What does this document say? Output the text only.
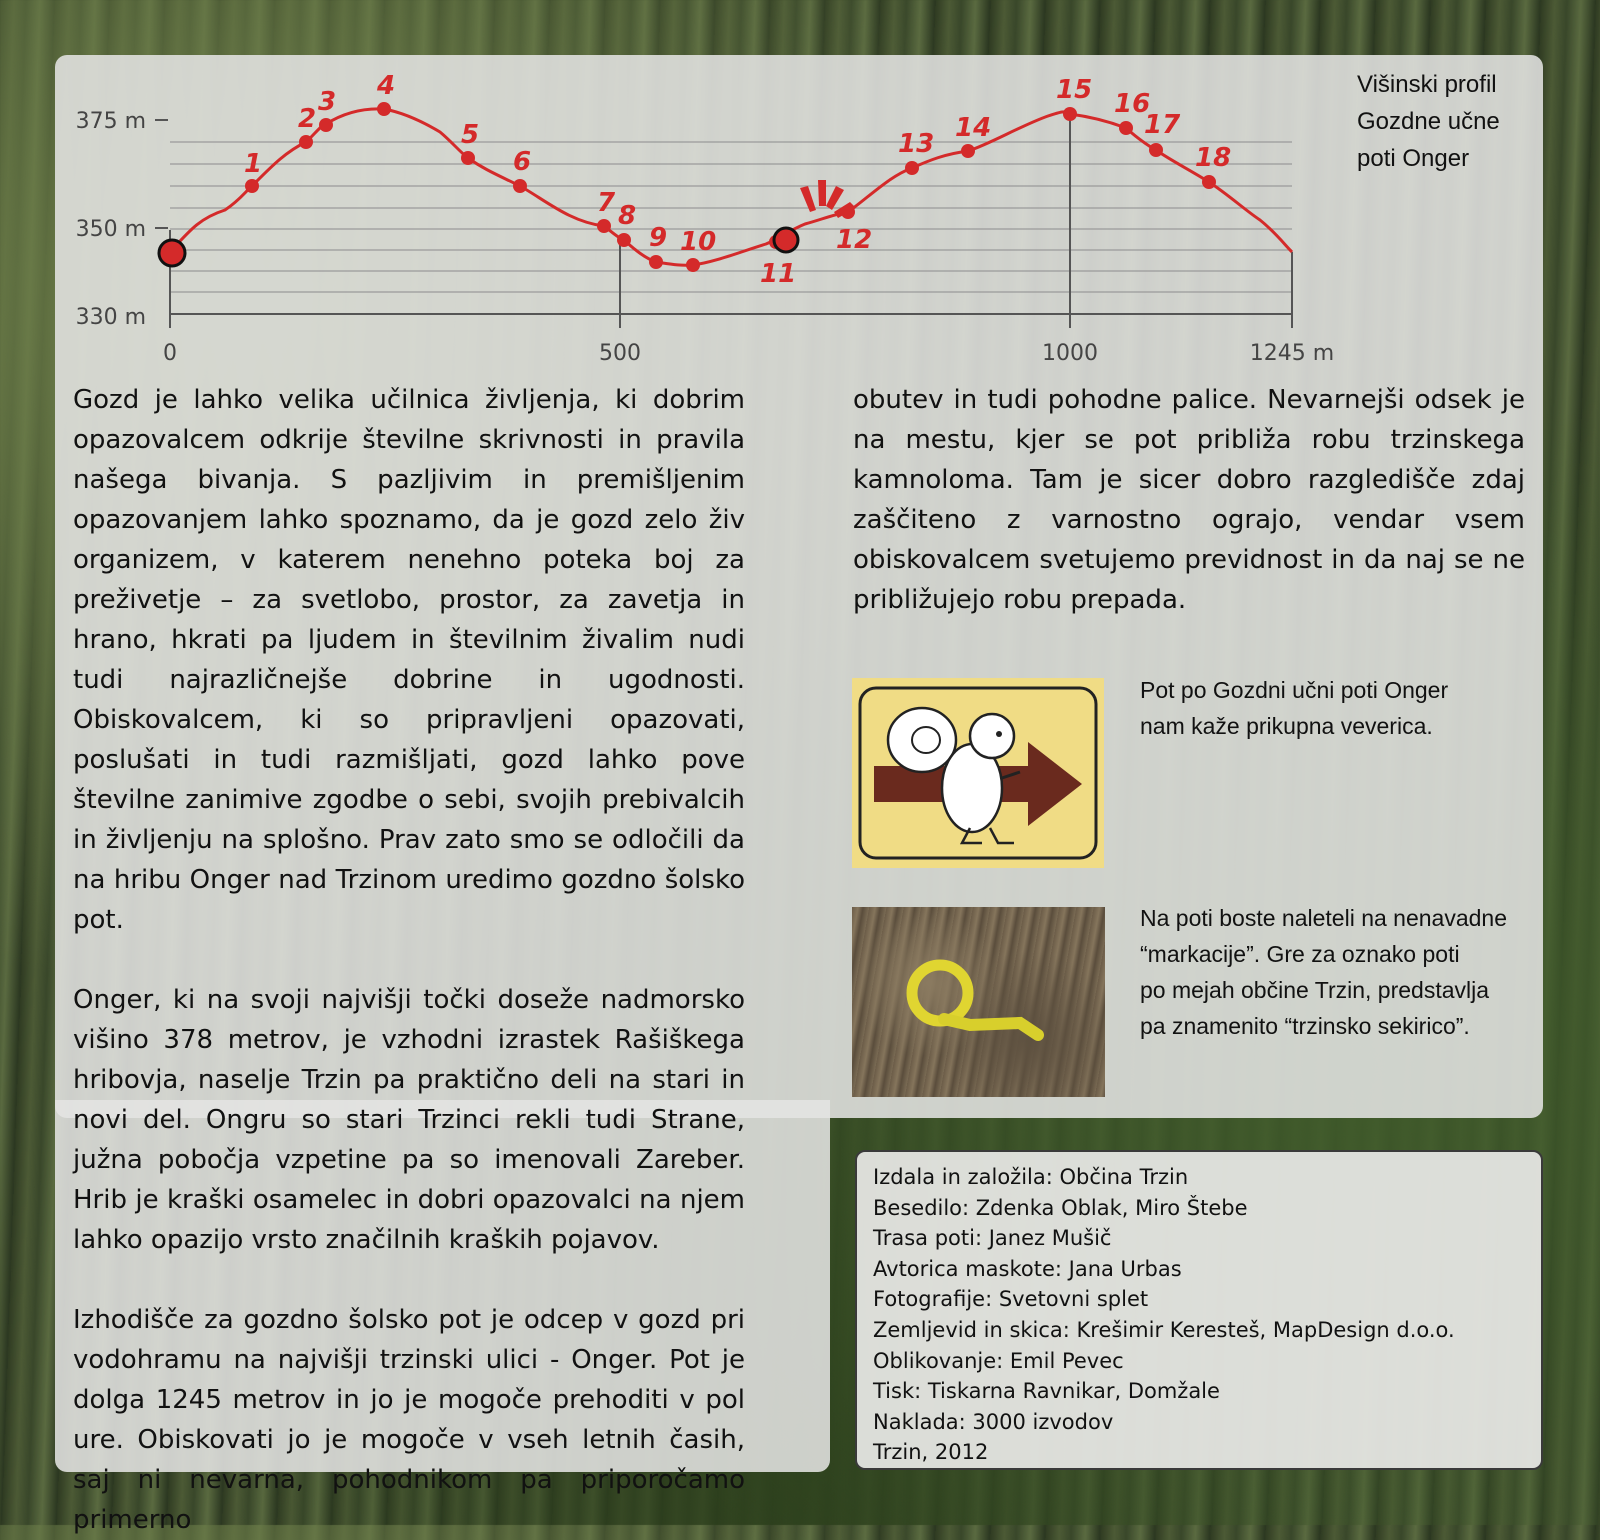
375 m
350 m
330 m
0	500	1000	1245 m
1
2
3
4
5
6
7 8
9 10
11
12
13
14
15 16
17
18
Višinski profil
Gozdne učne
poti Onger

Gozd je lahko velika učilnica življenja, ki dobrim opazovalcem odkrije številne skrivnosti in pravila našega bivanja. S pazljivim in premišljenim opazovanjem lahko spoznamo, da je gozd zelo živ organizem, v katerem nenehno poteka boj za preživetje – za svetlobo, prostor, za zavetja in hrano, hkrati pa ljudem in številnim živalim nudi tudi najrazličnejše dobrine in ugodnosti. Obiskovalcem, ki so pripravljeni opazovati, poslušati in tudi razmišljati, gozd lahko pove številne zanimive zgodbe o sebi, svojih prebivalcih in življenju na splošno. Prav zato smo se odločili da na hribu Onger nad Trzinom uredimo gozdno šolsko pot.

Onger, ki na svoji najvišji točki doseže nadmorsko višino 378 metrov, je vzhodni izrastek Rašiškega hribovja, naselje Trzin pa praktično deli na stari in novi del. Ongru so stari Trzinci rekli tudi Strane, južna pobočja vzpetine pa so imenovali Zareber. Hrib je kraški osamelec in dobri opazovalci na njem lahko opazijo vrsto značilnih kraških pojavov.

Izhodišče za gozdno šolsko pot je odcep v gozd pri vodohramu na najvišji trzinski ulici - Onger. Pot je dolga 1245 metrov in jo je mogoče prehoditi v pol ure. Obiskovati jo je mogoče v vseh letnih časih, saj ni nevarna, pohodnikom pa priporočamo primerno

obutev in tudi pohodne palice. Nevarnejši odsek je na mestu, kjer se pot približa robu trzinskega kamnoloma. Tam je sicer dobro razgledišče zdaj zaščiteno z varnostno ograjo, vendar vsem obiskovalcem svetujemo previdnost in da naj se ne približujejo robu prepada.

Pot po Gozdni učni poti Onger
nam kaže prikupna veverica.
Na poti boste naleteli na nenavadne
“markacije”. Gre za oznako poti
po mejah občine Trzin, predstavlja
pa znamenito “trzinsko sekirico”.
Izdala in založila: Občina Trzin
Besedilo: Zdenka Oblak, Miro Štebe
Trasa poti: Janez Mušič
Avtorica maskote: Jana Urbas
Fotografije: Svetovni splet
Zemljevid in skica: Krešimir Keresteš, MapDesign d.o.o.
Oblikovanje: Emil Pevec
Tisk: Tiskarna Ravnikar, Domžale
Naklada: 3000 izvodov
Trzin, 2012
